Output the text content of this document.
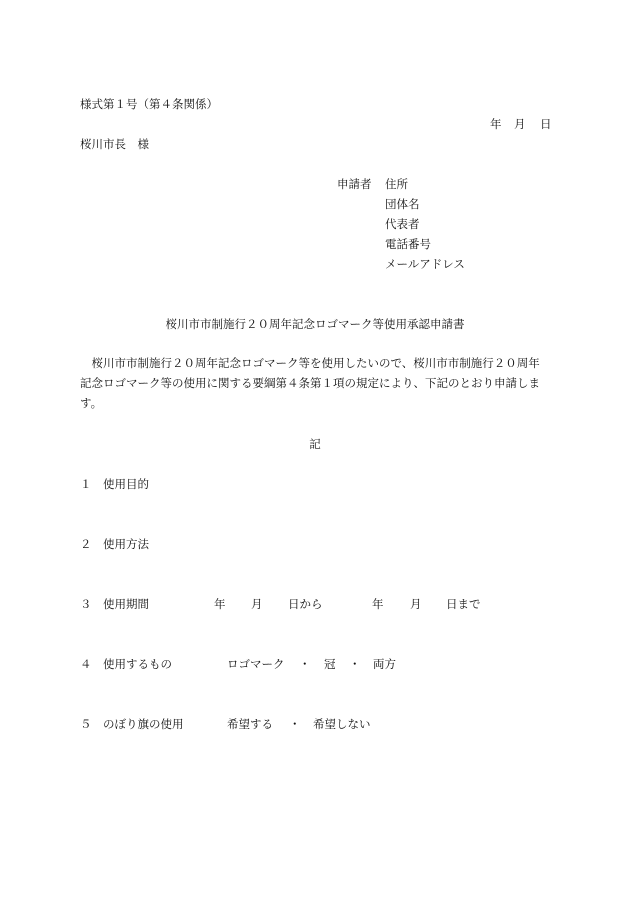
様式第１号（第４条関係）
年 月 日
桜川市長　様
申請者 住所
団体名
代表者
電話番号
メールアドレス
桜川市市制施行２０周年記念ロゴマーク等使用承認申請書
桜川市市制施行２０周年記念ロゴマーク等を使用したいので、桜川市市制施行２０周年記念ロゴマーク等の使用に関する要綱第４条第１項の規定により、下記のとおり申請します。
記
１ 使用目的
２ 使用方法
３ 使用期間	年 月 日から	年 月 日まで
４ 使用するもの	ロゴマーク ・ 冠 ・ 両方
５ のぼり旗の使用	希望する ・ 希望しない
